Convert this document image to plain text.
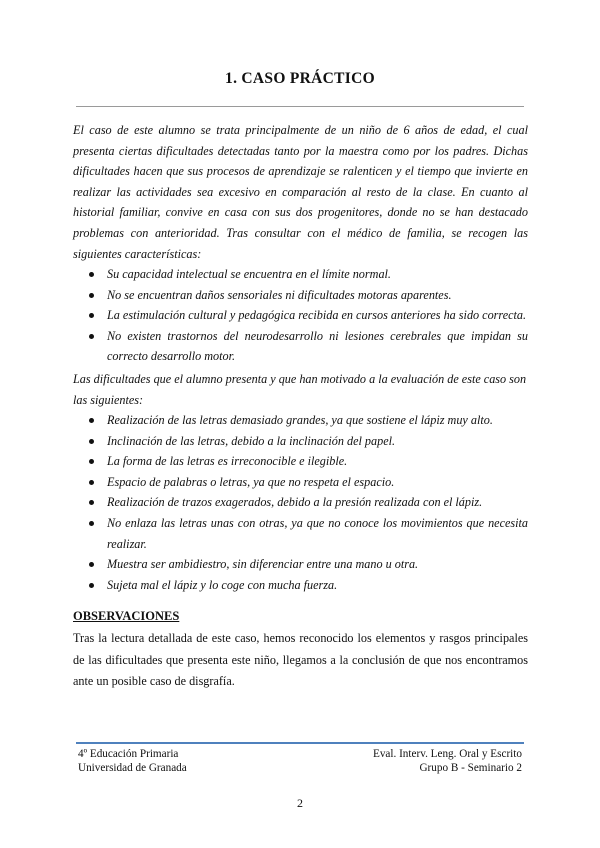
1. CASO PRÁCTICO

El caso de este alumno se trata principalmente de un niño de 6 años de edad, el cual presenta ciertas dificultades detectadas tanto por la maestra como por los padres. Dichas dificultades hacen que sus procesos de aprendizaje se ralenticen y el tiempo que invierte en realizar las actividades sea excesivo en comparación al resto de la clase. En cuanto al historial familiar, convive en casa con sus dos progenitores, donde no se han destacado problemas con anterioridad. Tras consultar con el médico de familia, se recogen las siguientes características:

Su capacidad intelectual se encuentra en el límite normal.
No se encuentran daños sensoriales ni dificultades motoras aparentes.
La estimulación cultural y pedagógica recibida en cursos anteriores ha sido correcta.
No existen trastornos del neurodesarrollo ni lesiones cerebrales que impidan su correcto desarrollo motor.

Las dificultades que el alumno presenta y que han motivado a la evaluación de este caso son las siguientes:

Realización de las letras demasiado grandes, ya que sostiene el lápiz muy alto.
Inclinación de las letras, debido a la inclinación del papel.
La forma de las letras es irreconocible e ilegible.
Espacio de palabras o letras, ya que no respeta el espacio.
Realización de trazos exagerados, debido a la presión realizada con el lápiz.
No enlaza las letras unas con otras, ya que no conoce los movimientos que necesita realizar.
Muestra ser ambidiestro, sin diferenciar entre una mano u otra.
Sujeta mal el lápiz y lo coge con mucha fuerza.
OBSERVACIONES

Tras la lectura detallada de este caso, hemos reconocido los elementos y rasgos principales de las dificultades que presenta este niño, llegamos a la conclusión de que nos encontramos ante un posible caso de disgrafía.

4º Educación Primaria
Universidad de Granada
Eval. Interv. Leng. Oral y Escrito
Grupo B - Seminario 2
2
